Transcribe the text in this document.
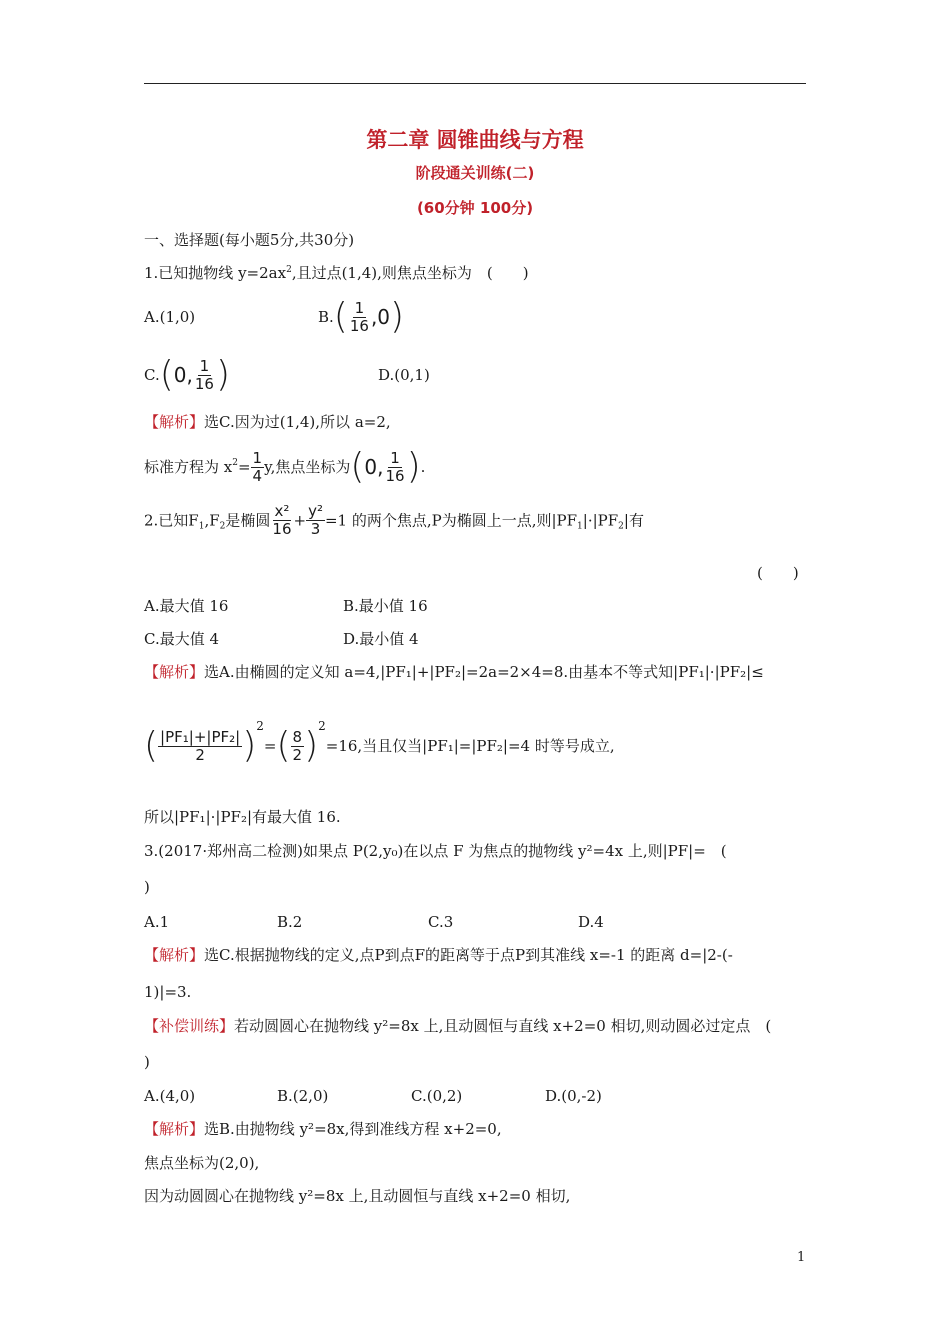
第二章 圆锥曲线与方程
阶段通关训练(二)
(60分钟 100分)
一、选择题(每小题5分,共30分)
1.已知抛物线 $y=2ax^2$,且过点(1,4),则焦点坐标为　(　　)
A.(1,0)	$B.( \frac{1}{16} ,0)$
C.(0, $\frac{1}{16}$ )	D.(0,1)
【解析】选C.因为过(1,4),所以 a=2,
标准方程为 $x^2= \frac{1}{4} y$,焦点坐标为(0, $\frac{1}{16}$ ).
2.已知$F_1,F_2$是椭圆 $\frac{\text{x²}}{16} + \frac{\text{y²}}{3} =1$ 的两个焦点,P为椭圆上一点,则$|PF_1|\cdot|PF_2|$有
(　　)
A.最大值 16	B.最小值 16
C.最大值 4	D.最小值 4
【解析】选A.由椭圆的定义知 a=4,|PF₁|+|PF₂|=2a=2×4=8.由基本不等式知|PF₁|·|PF₂|≤
( $\frac{\text{|PF₁|+|PF₂|}}{2} )^2=( \frac{8}{2} )^2=16$,当且仅当|PF₁|=|PF₂|=4 时等号成立,
所以|PF₁|·|PF₂|有最大值 16.
3.(2017·郑州高二检测)如果点 P(2,y₀)在以点 F 为焦点的抛物线 y²=4x 上,则|PF|=　(
)
A.1	B.2	C.3	D.4
【解析】选C.根据抛物线的定义,点P到点F的距离等于点P到其准线 x=-1 的距离 d=|2-(-
1)|=3.
【补偿训练】若动圆圆心在抛物线 y²=8x 上,且动圆恒与直线 x+2=0 相切,则动圆必过定点　(
)
A.(4,0)	B.(2,0)	C.(0,2)	D.(0,-2)
【解析】选B.由抛物线 y²=8x,得到准线方程 x+2=0,
焦点坐标为(2,0),
因为动圆圆心在抛物线 y²=8x 上,且动圆恒与直线 x+2=0 相切,
1
